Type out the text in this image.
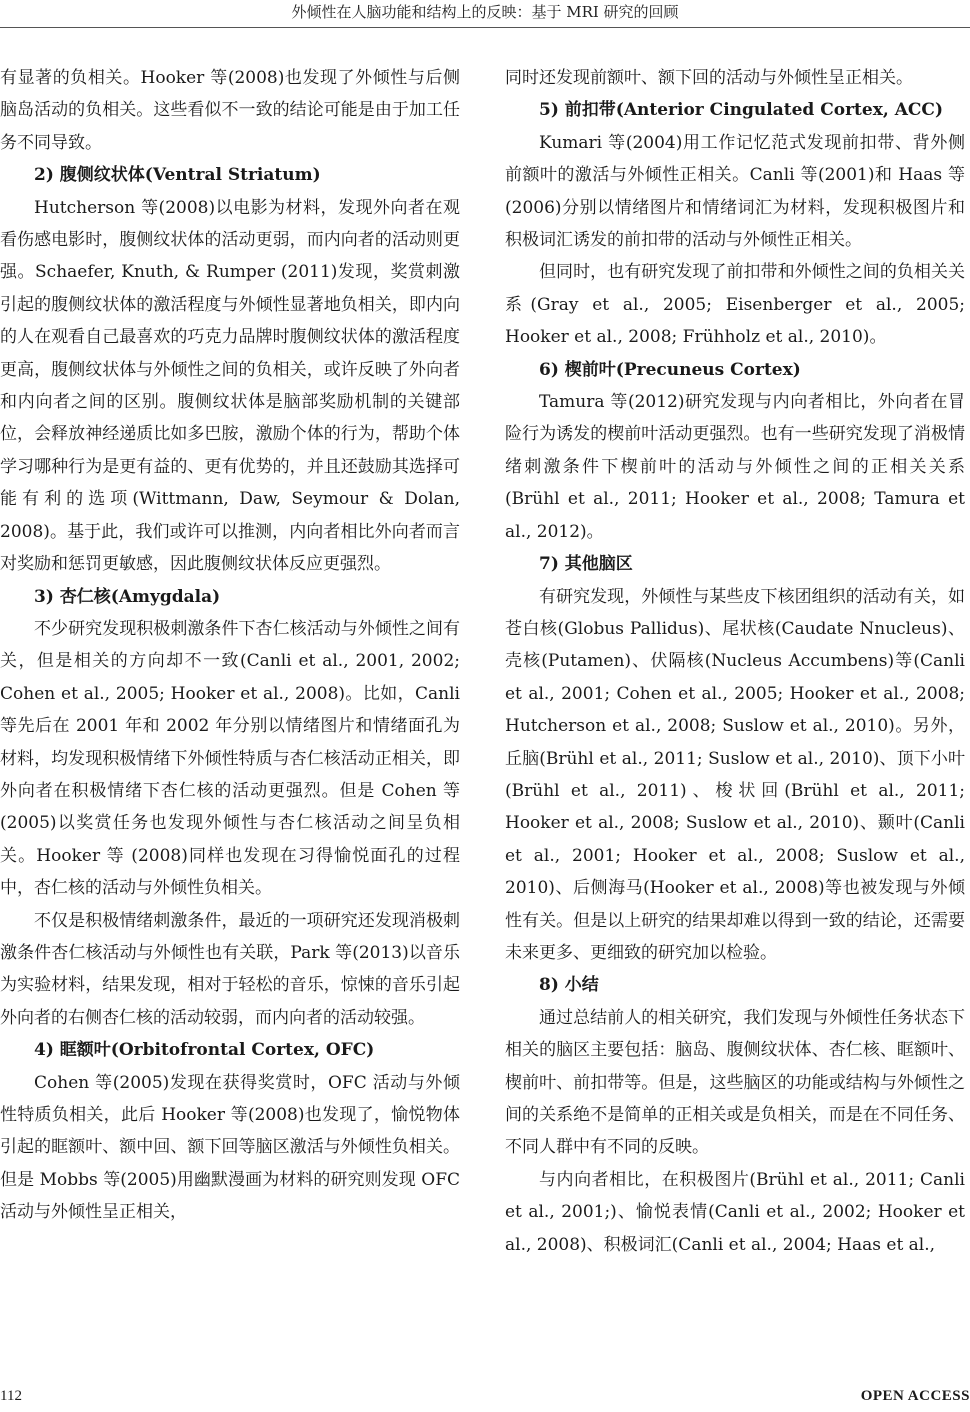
外倾性在人脑功能和结构上的反映：基于 MRI 研究的回顾

有显著的负相关。Hooker 等(2008)也发现了外倾性与后侧脑岛活动的负相关。这些看似不一致的结论可能是由于加工任务不同导致。

2) 腹侧纹状体(Ventral Striatum)

Hutcherson 等(2008)以电影为材料，发现外向者在观看伤感电影时，腹侧纹状体的活动更弱，而内向者的活动则更强。Schaefer, Knuth, & Rumper (2011)发现，奖赏刺激引起的腹侧纹状体的激活程度与外倾性显著地负相关，即内向的人在观看自己最喜欢的巧克力品牌时腹侧纹状体的激活程度更高，腹侧纹状体与外倾性之间的负相关，或许反映了外向者和内向者之间的区别。腹侧纹状体是脑部奖励机制的关键部位，会释放神经递质比如多巴胺，激励个体的行为，帮助个体学习哪种行为是更有益的、更有优势的，并且还鼓励其选择可能有利的选项(Wittmann, Daw, Seymour & Dolan, 2008)。基于此，我们或许可以推测，内向者相比外向者而言对奖励和惩罚更敏感，因此腹侧纹状体反应更强烈。

3) 杏仁核(Amygdala)

不少研究发现积极刺激条件下杏仁核活动与外倾性之间有关，但是相关的方向却不一致(Canli et al., 2001, 2002; Cohen et al., 2005; Hooker et al., 2008)。比如，Canli 等先后在 2001 年和 2002 年分别以情绪图片和情绪面孔为材料，均发现积极情绪下外倾性特质与杏仁核活动正相关，即外向者在积极情绪下杏仁核的活动更强烈。但是 Cohen 等(2005)以奖赏任务也发现外倾性与杏仁核活动之间呈负相关。Hooker 等 (2008)同样也发现在习得愉悦面孔的过程中，杏仁核的活动与外倾性负相关。

不仅是积极情绪刺激条件，最近的一项研究还发现消极刺激条件杏仁核活动与外倾性也有关联，Park 等(2013)以音乐为实验材料，结果发现，相对于轻松的音乐，惊悚的音乐引起外向者的右侧杏仁核的活动较弱，而内向者的活动较强。

4) 眶额叶(Orbitofrontal Cortex, OFC)

Cohen 等(2005)发现在获得奖赏时，OFC 活动与外倾性特质负相关，此后 Hooker 等(2008)也发现了，愉悦物体引起的眶额叶、额中回、额下回等脑区激活与外倾性负相关。但是 Mobbs 等(2005)用幽默漫画为材料的研究则发现 OFC 活动与外倾性呈正相关，

同时还发现前额叶、额下回的活动与外倾性呈正相关。

5) 前扣带(Anterior Cingulated Cortex, ACC)

Kumari 等(2004)用工作记忆范式发现前扣带、背外侧前额叶的激活与外倾性正相关。Canli 等(2001)和 Haas 等(2006)分别以情绪图片和情绪词汇为材料，发现积极图片和积极词汇诱发的前扣带的活动与外倾性正相关。

但同时，也有研究发现了前扣带和外倾性之间的负相关关系(Gray et al., 2005; Eisenberger et al., 2005; Hooker et al., 2008; Frühholz et al., 2010)。

6) 楔前叶(Precuneus Cortex)

Tamura 等(2012)研究发现与内向者相比，外向者在冒险行为诱发的楔前叶活动更强烈。也有一些研究发现了消极情绪刺激条件下楔前叶的活动与外倾性之间的正相关关系(Brühl et al., 2011; Hooker et al., 2008; Tamura et al., 2012)。

7) 其他脑区

有研究发现，外倾性与某些皮下核团组织的活动有关，如苍白核(Globus Pallidus)、尾状核(Caudate Nnucleus)、壳核(Putamen)、伏隔核(Nucleus Accumbens)等(Canli et al., 2001; Cohen et al., 2005; Hooker et al., 2008; Hutcherson et al., 2008; Suslow et al., 2010)。另外，丘脑(Brühl et al., 2011; Suslow et al., 2010)、顶下小叶(Brühl et al., 2011)、梭状回(Brühl et al., 2011; Hooker et al., 2008; Suslow et al., 2010)、颞叶(Canli et al., 2001; Hooker et al., 2008; Suslow et al., 2010)、后侧海马(Hooker et al., 2008)等也被发现与外倾性有关。但是以上研究的结果却难以得到一致的结论，还需要未来更多、更细致的研究加以检验。

8) 小结

通过总结前人的相关研究，我们发现与外倾性任务状态下相关的脑区主要包括：脑岛、腹侧纹状体、杏仁核、眶额叶、楔前叶、前扣带等。但是，这些脑区的功能或结构与外倾性之间的关系绝不是简单的正相关或是负相关，而是在不同任务、不同人群中有不同的反映。

与内向者相比，在积极图片(Brühl et al., 2011; Canli et al., 2001;)、愉悦表情(Canli et al., 2002; Hooker et al., 2008)、积极词汇(Canli et al., 2004; Haas et al.,

112	OPEN ACCESS
